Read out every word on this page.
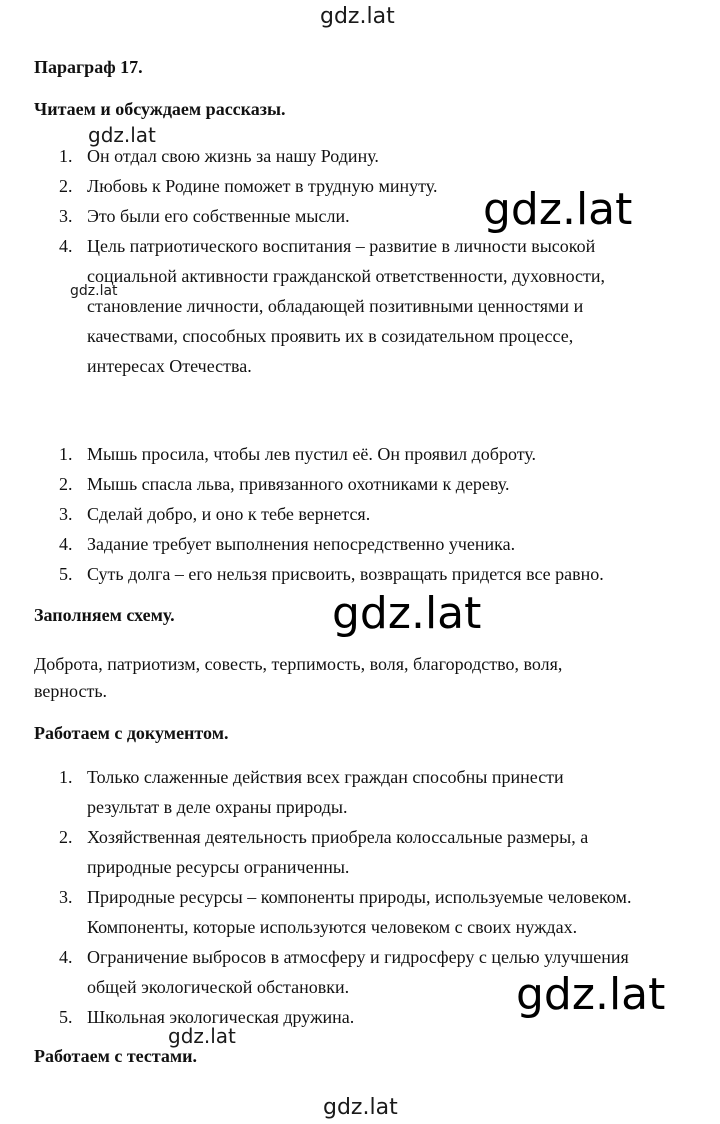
gdz.lat
gdz.lat
gdz.lat
gdz.lat
gdz.lat
gdz.lat
gdz.lat
gdz.lat
Параграф 17.
Читаем и обсуждаем рассказы.
1. Он отдал свою жизнь за нашу Родину.
2. Любовь к Родине поможет в трудную минуту.
3. Это были его собственные мысли.
4. Цель патриотического воспитания – развитие в личности высокой
социальной активности гражданской ответственности, духовности,
становление личности, обладающей позитивными ценностями и
качествами, способных проявить их в созидательном процессе,
интересах Отечества.
1. Мышь просила, чтобы лев пустил её. Он проявил доброту.
2. Мышь спасла льва, привязанного охотниками к дереву.
3. Сделай добро, и оно к тебе вернется.
4. Задание требует выполнения непосредственно ученика.
5. Суть долга – его нельзя присвоить, возвращать придется все равно.
Заполняем схему.
Доброта, патриотизм, совесть, терпимость, воля, благородство, воля,
верность.
Работаем с документом.
1. Только слаженные действия всех граждан способны принести
результат в деле охраны природы.
2. Хозяйственная деятельность приобрела колоссальные размеры, а
природные ресурсы ограниченны.
3. Природные ресурсы – компоненты природы, используемые человеком.
Компоненты, которые используются человеком с своих нуждах.
4. Ограничение выбросов в атмосферу и гидросферу с целью улучшения
общей экологической обстановки.
5. Школьная экологическая дружина.
Работаем с тестами.
